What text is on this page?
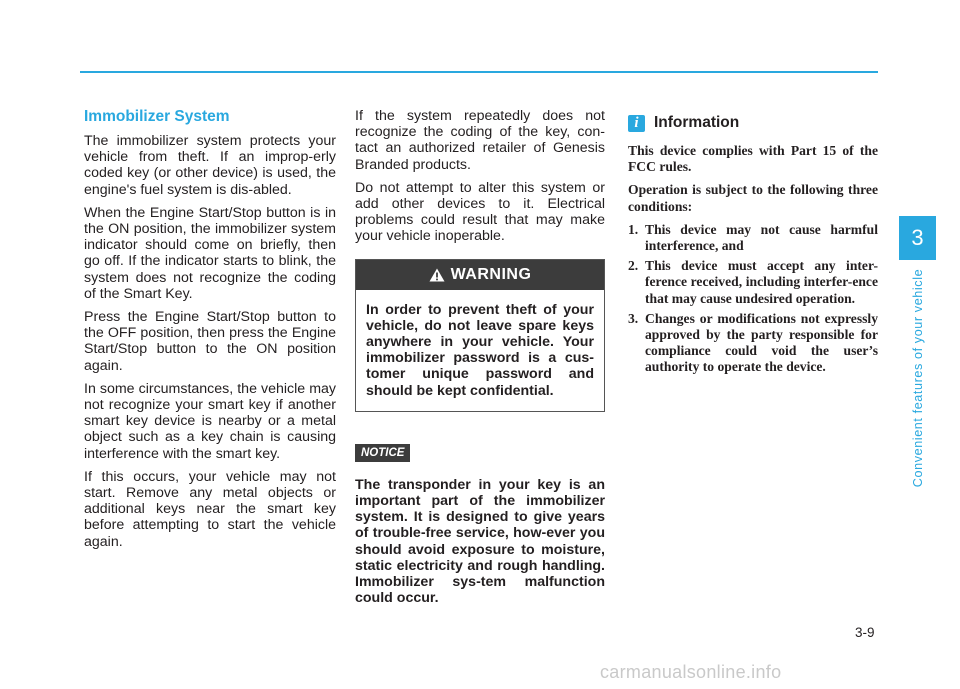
Immobilizer System

The immobilizer system protects your vehicle from theft. If an improp-erly coded key (or other device) is used, the engine's fuel system is dis-abled.

When the Engine Start/Stop button is in the ON position, the immobilizer system indicator should come on briefly, then go off. If the indicator starts to blink, the system does not recognize the coding of the Smart Key.

Press the Engine Start/Stop button to the OFF position, then press the Engine Start/Stop button to the ON position again.

In some circumstances, the vehicle may not recognize your smart key if another smart key device is nearby or a metal object such as a key chain is causing interference with the smart key.

If this occurs, your vehicle may not start. Remove any metal objects or additional keys near the smart key before attempting to start the vehicle again.

If the system repeatedly does not recognize the coding of the key, con-tact an authorized retailer of Genesis Branded products.

Do not attempt to alter this system or add other devices to it. Electrical problems could result that may make your vehicle inoperable.

WARNING

In order to prevent theft of your vehicle, do not leave spare keys anywhere in your vehicle. Your immobilizer password is a cus-tomer unique password and should be kept confidential.

NOTICE

The transponder in your key is an important part of the immobilizer system. It is designed to give years of trouble-free service, how-ever you should avoid exposure to moisture, static electricity and rough handling. Immobilizer sys-tem malfunction could occur.

i Information

This device complies with Part 15 of the FCC rules.

Operation is subject to the following three conditions:

1. This device may not cause harmful interference, and
2. This device must accept any inter-ference received, including interfer-ence that may cause undesired operation.
3. Changes or modifications not expressly approved by the party responsible for compliance could void the user’s authority to operate the device.
3
Convenient features of your vehicle
3-9
carmanualsonline.info
